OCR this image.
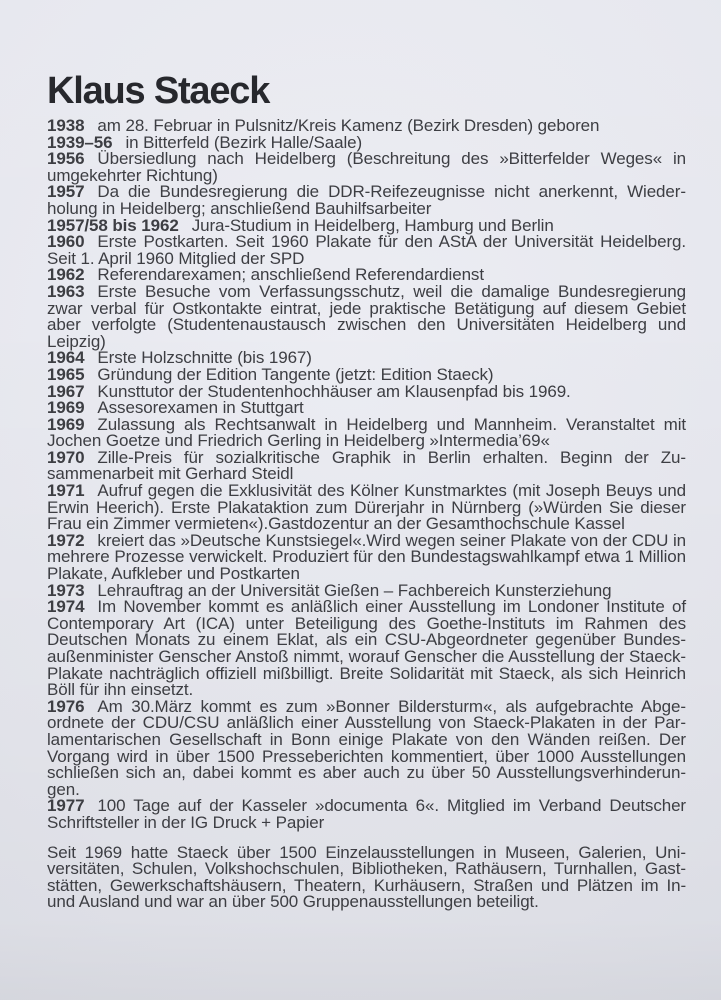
Klaus Staeck

1938 am 28. Februar in Pulsnitz/Kreis Kamenz (Bezirk Dresden) geboren

1939–56 in Bitterfeld (Bezirk Halle/Saale)

1956 Übersiedlung nach Heidelberg (Beschreitung des »Bitterfelder Weges« in umgekehrter Richtung)

1957 Da die Bundesregierung die DDR-Reifezeugnisse nicht anerkennt, Wiederholung in Heidelberg; anschließend Bauhilfsarbeiter

1957/58 bis 1962 Jura-Studium in Heidelberg, Hamburg und Berlin

1960 Erste Postkarten. Seit 1960 Plakate für den AStA der Universität Heidelberg. Seit 1. April 1960 Mitglied der SPD

1962 Referendarexamen; anschließend Referendardienst

1963 Erste Besuche vom Verfassungsschutz, weil die damalige Bundesregierung zwar verbal für Ostkontakte eintrat, jede praktische Betätigung auf diesem Gebiet aber verfolgte (Studentenaustausch zwischen den Universitäten Heidelberg und Leipzig)

1964 Erste Holzschnitte (bis 1967)

1965 Gründung der Edition Tangente (jetzt: Edition Staeck)

1967 Kunsttutor der Studentenhochhäuser am Klausenpfad bis 1969.

1969 Assesorexamen in Stuttgart

1969 Zulassung als Rechtsanwalt in Heidelberg und Mannheim. Veranstaltet mit Jochen Goetze und Friedrich Gerling in Heidelberg »Intermedia’69«

1970 Zille-Preis für sozialkritische Graphik in Berlin erhalten. Beginn der Zusammenarbeit mit Gerhard Steidl

1971 Aufruf gegen die Exklusivität des Kölner Kunstmarktes (mit Joseph Beuys und Erwin Heerich). Erste Plakataktion zum Dürerjahr in Nürnberg (»Würden Sie dieser Frau ein Zimmer vermieten«).Gastdozentur an der Gesamthochschule Kassel

1972 kreiert das »Deutsche Kunstsiegel«.Wird wegen seiner Plakate von der CDU in mehrere Prozesse verwickelt. Produziert für den Bundestagswahlkampf etwa 1 Million Plakate, Aufkleber und Postkarten

1973 Lehrauftrag an der Universität Gießen – Fachbereich Kunsterziehung

1974 Im November kommt es anläßlich einer Ausstellung im Londoner Institute of Contemporary Art (ICA) unter Beteiligung des Goethe-Instituts im Rahmen des Deutschen Monats zu einem Eklat, als ein CSU-Abgeordneter gegenüber Bundesaußenminister Genscher Anstoß nimmt, worauf Genscher die Ausstellung der Staeck-Plakate nachträglich offiziell mißbilligt. Breite Solidarität mit Staeck, als sich Heinrich Böll für ihn einsetzt.

1976 Am 30.März kommt es zum »Bonner Bildersturm«, als aufgebrachte Abgeordnete der CDU/CSU anläßlich einer Ausstellung von Staeck-Plakaten in der Parlamentarischen Gesellschaft in Bonn einige Plakate von den Wänden reißen. Der Vorgang wird in über 1500 Presseberichten kommentiert, über 1000 Ausstellungen schließen sich an, dabei kommt es aber auch zu über 50 Ausstellungsverhinderungen.

1977 100 Tage auf der Kasseler »documenta 6«. Mitglied im Verband Deutscher Schriftsteller in der IG Druck + Papier

Seit 1969 hatte Staeck über 1500 Einzelausstellungen in Museen, Galerien, Universitäten, Schulen, Volkshochschulen, Bibliotheken, Rathäusern, Turnhallen, Gaststätten, Gewerkschaftshäusern, Theatern, Kurhäusern, Straßen und Plätzen im In- und Ausland und war an über 500 Gruppenausstellungen beteiligt.
